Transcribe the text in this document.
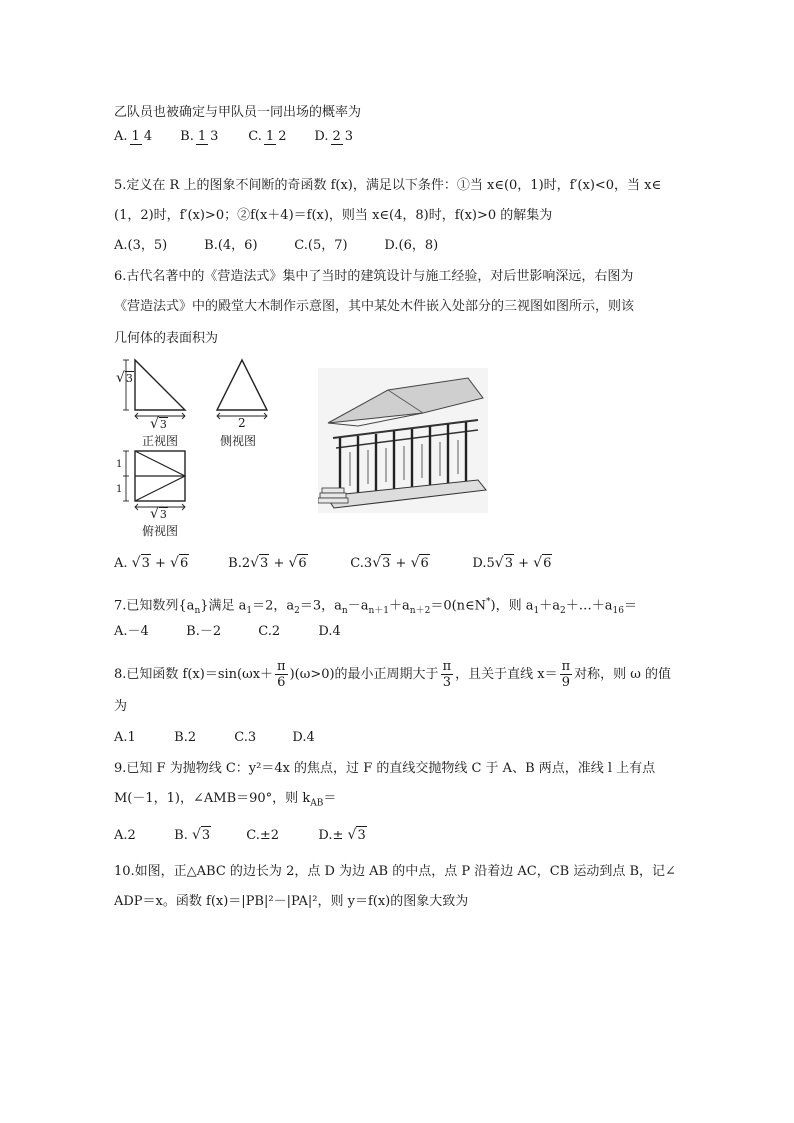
乙队员也被确定与甲队员一同出场的概率为
A. 1 4 B. 1 3 C. 1 2 D. 2 3
5.定义在 R 上的图象不间断的奇函数 f(x)，满足以下条件：①当 x∈(0，1)时，f′(x)<0，当 x∈
(1，2)时，f′(x)>0；②f(x＋4)＝f(x)，则当 x∈(4，8)时，f(x)>0 的解集为
A.(3，5)	B.(4，6)	C.(5，7)	D.(6，8)
6.古代名著中的《营造法式》集中了当时的建筑设计与施工经验，对后世影响深远，右图为
《营造法式》中的殿堂大木制作示意图，其中某处木件嵌入处部分的三视图如图所示，则该
几何体的表面积为
√3
√3	2
正视图	侧视图
1
1
√3
俯视图
A. √3 + √6	B.2√3 + √6	C.3√3 + √6	D.5√3 + √6
7.已知数列$\{a_n\}$满足 $a_1=2$，$a_2=3$，$a_n-a_{n+1}+a_{n+2}=0(n\in N^*)$，则 $a_1+a_2+\dots+a_{16}=$
A.－4	B.－2	C.2	D.4
8.已知函数 $f(x)=\sin(\omega x+ \frac{\pi}{6} )(\omega>0)$的最小正周期大于 $\frac{\pi}{3}$ ，且关于直线 $x= \frac{\pi}{9}$ 对称，则 ω 的值
为
A.1	B.2	C.3	D.4
9.已知 F 为抛物线 C：y²＝4x 的焦点，过 F 的直线交抛物线 C 于 A、B 两点，准线 l 上有点
M(－1，1)，∠AMB＝90°，则 $k_{AB}=$
A.2	B. √3	C.±2	D.± √3
10.如图，正△ABC 的边长为 2，点 D 为边 AB 的中点，点 P 沿着边 AC，CB 运动到点 B，记∠
ADP＝x。函数 f(x)＝|PB|²－|PA|²，则 y＝f(x)的图象大致为
